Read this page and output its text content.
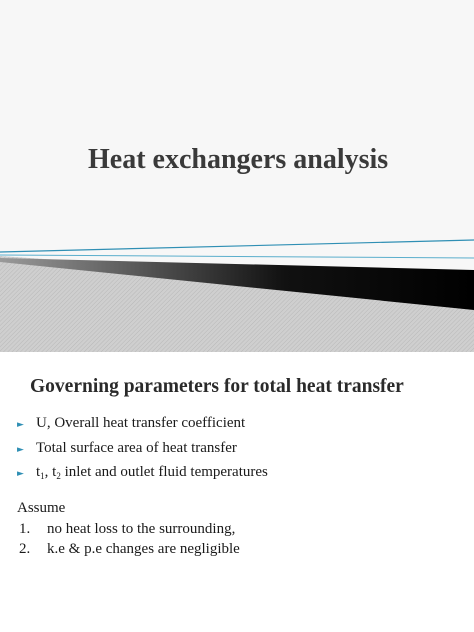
Heat exchangers analysis
Governing parameters for total heat transfer
► U, Overall heat transfer coefficient
► Total surface area of heat transfer
► $t_1$, $t_2$ inlet and outlet fluid temperatures
Assume
1. no heat loss to the surrounding,
2. k.e & p.e changes are negligible
